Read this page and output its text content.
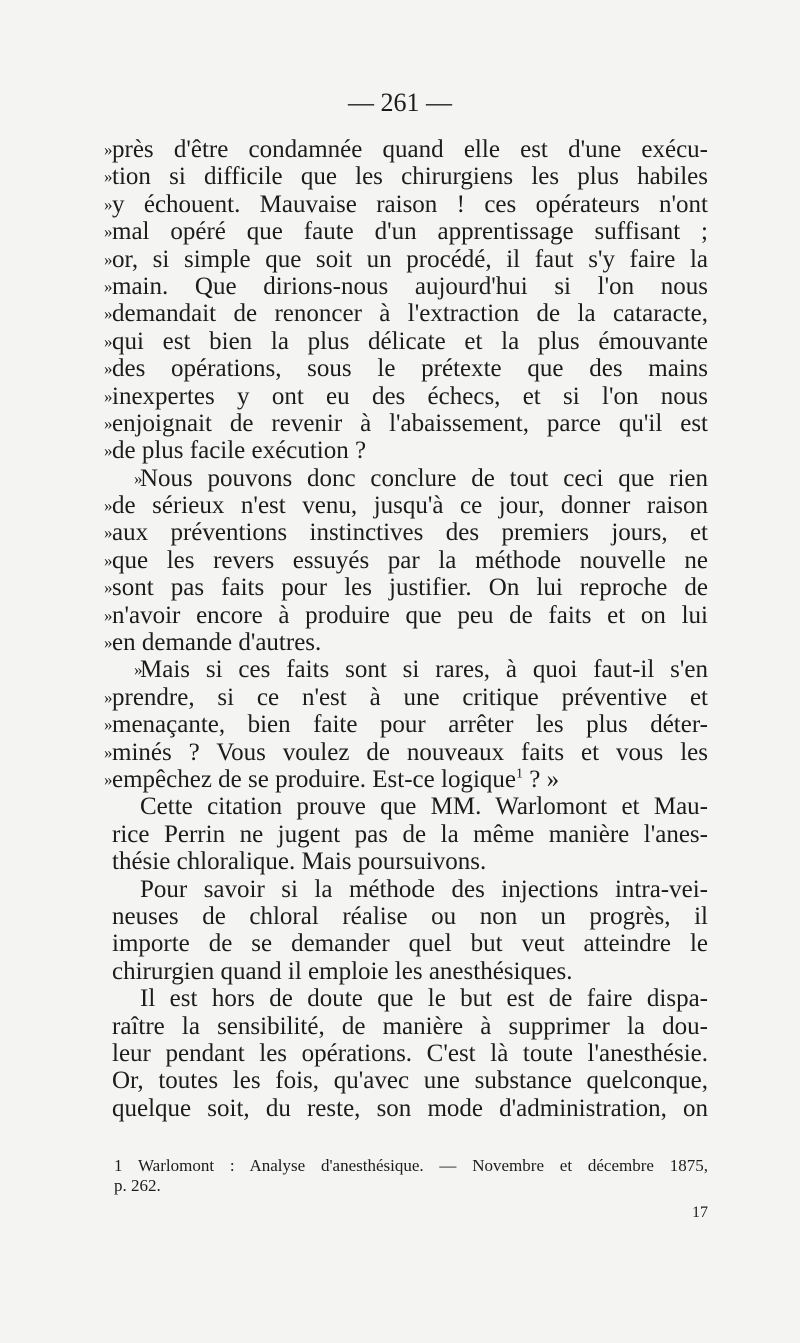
— 261 —
» près d'être condamnée quand elle est d'une exécu-
» tion si difficile que les chirurgiens les plus habiles
» y échouent. Mauvaise raison ! ces opérateurs n'ont
» mal opéré que faute d'un apprentissage suffisant ;
» or, si simple que soit un procédé, il faut s'y faire la
» main. Que dirions-nous aujourd'hui si l'on nous
» demandait de renoncer à l'extraction de la cataracte,
» qui est bien la plus délicate et la plus émouvante
» des opérations, sous le prétexte que des mains
» inexpertes y ont eu des échecs, et si l'on nous
» enjoignait de revenir à l'abaissement, parce qu'il est
» de plus facile exécution ?
»
Nous pouvons donc conclure de tout ceci que rien
» de sérieux n'est venu, jusqu'à ce jour, donner raison
» aux préventions instinctives des premiers jours, et
» que les revers essuyés par la méthode nouvelle ne
» sont pas faits pour les justifier. On lui reproche de
» n'avoir encore à produire que peu de faits et on lui
» en demande d'autres.
»
Mais si ces faits sont si rares, à quoi faut-il s'en
» prendre, si ce n'est à une critique préventive et
» menaçante, bien faite pour arrêter les plus déter-
» minés ? Vous voulez de nouveaux faits et vous les
» empêchez de se produire. Est-ce logique$^1$ ? »
Cette citation prouve que MM. Warlomont et Mau-
rice Perrin ne jugent pas de la même manière l'anes-
thésie chloralique. Mais poursuivons.
Pour savoir si la méthode des injections intra-vei-
neuses de chloral réalise ou non un progrès, il
importe de se demander quel but veut atteindre le
chirurgien quand il emploie les anesthésiques.
Il est hors de doute que le but est de faire dispa-
raître la sensibilité, de manière à supprimer la dou-
leur pendant les opérations. C'est là toute l'anesthésie.
Or, toutes les fois, qu'avec une substance quelconque,
quelque soit, du reste, son mode d'administration, on
1 Warlomont : Analyse d'anesthésique. — Novembre et décembre 1875,
p. 262.
17
